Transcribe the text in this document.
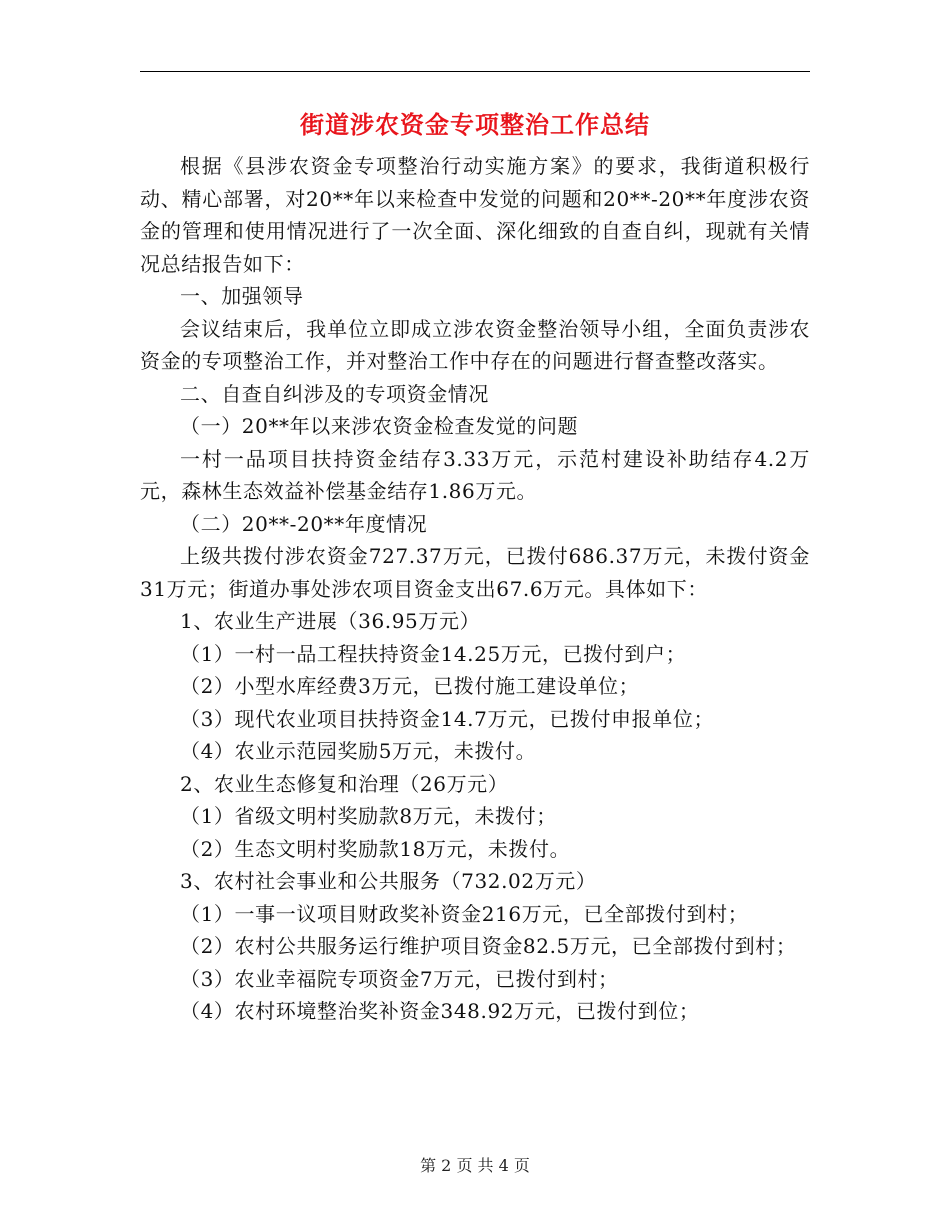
街道涉农资金专项整治工作总结

根据《县涉农资金专项整治行动实施方案》的要求，我街道积极行动、精心部署，对20**年以来检查中发觉的问题和20**-20**年度涉农资金的管理和使用情况进行了一次全面、深化细致的自查自纠，现就有关情况总结报告如下：

一、加强领导

会议结束后，我单位立即成立涉农资金整治领导小组，全面负责涉农资金的专项整治工作，并对整治工作中存在的问题进行督查整改落实。

二、自查自纠涉及的专项资金情况

（一）20**年以来涉农资金检查发觉的问题

一村一品项目扶持资金结存3.33万元，示范村建设补助结存4.2万元，森林生态效益补偿基金结存1.86万元。

（二）20**-20**年度情况

上级共拨付涉农资金727.37万元，已拨付686.37万元，未拨付资金31万元；街道办事处涉农项目资金支出67.6万元。具体如下：

1、农业生产进展（36.95万元）

（1）一村一品工程扶持资金14.25万元，已拨付到户；

（2）小型水库经费3万元，已拨付施工建设单位；

（3）现代农业项目扶持资金14.7万元，已拨付申报单位；

（4）农业示范园奖励5万元，未拨付。

2、农业生态修复和治理（26万元）

（1）省级文明村奖励款8万元，未拨付；

（2）生态文明村奖励款18万元，未拨付。

3、农村社会事业和公共服务（732.02万元）

（1）一事一议项目财政奖补资金216万元，已全部拨付到村；

（2）农村公共服务运行维护项目资金82.5万元，已全部拨付到村；

（3）农业幸福院专项资金7万元，已拨付到村；

（4）农村环境整治奖补资金348.92万元，已拨付到位；

第 2 页 共 4 页
